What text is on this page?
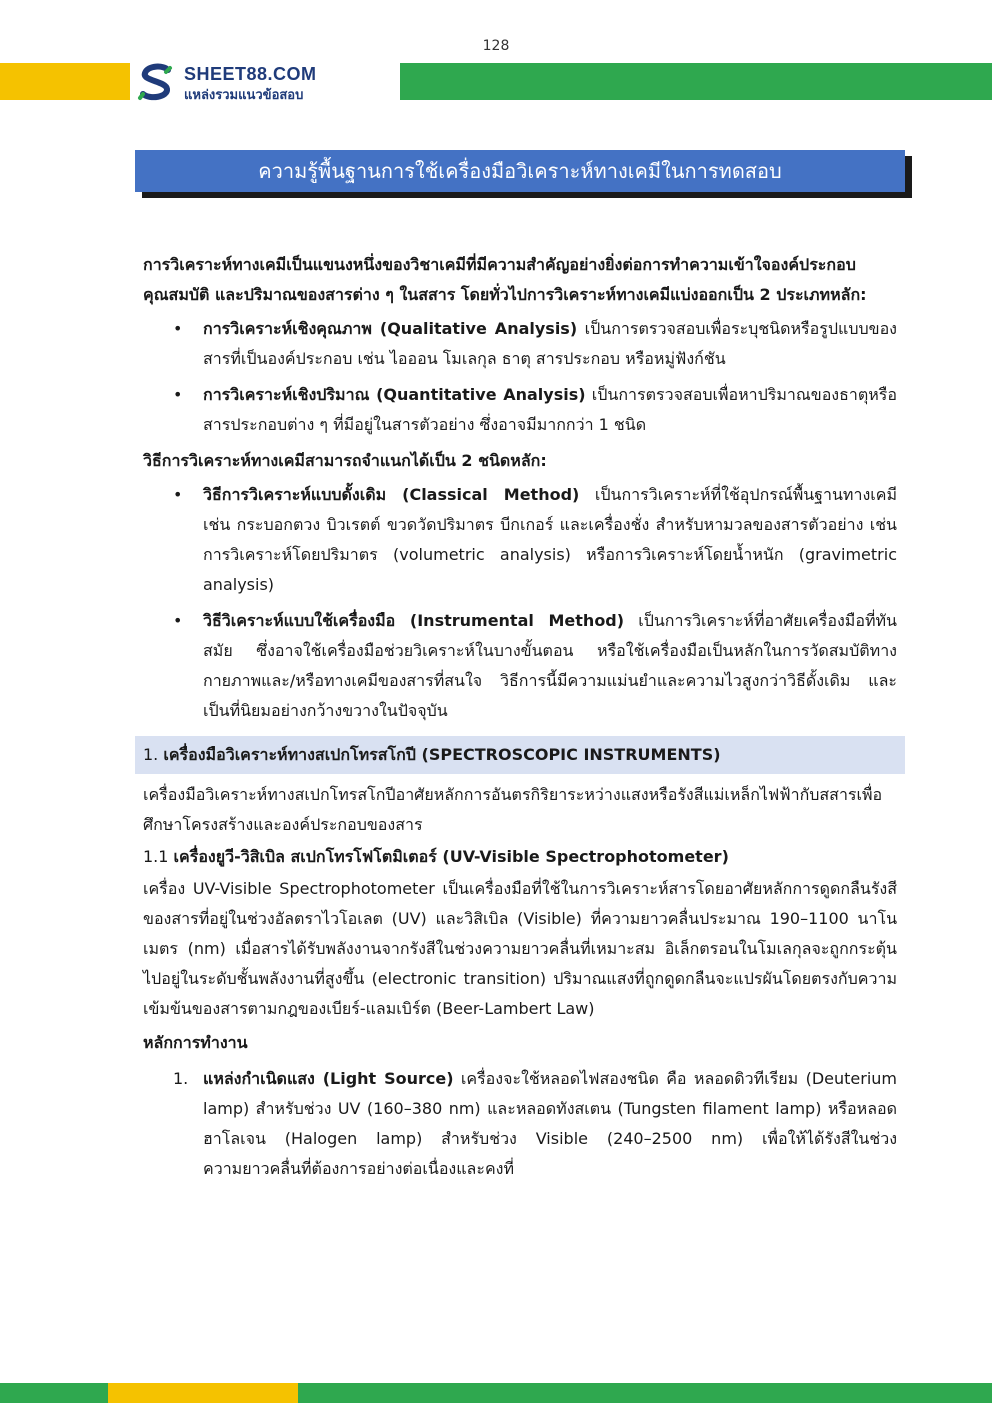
128
SHEET88.COM
แหล่งรวมแนวข้อสอบ
ความรู้พื้นฐานการใช้เครื่องมือวิเคราะห์ทางเคมีในการทดสอบ

การวิเคราะห์ทางเคมีเป็นแขนงหนึ่งของวิชาเคมีที่มีความสำคัญอย่างยิ่งต่อการทำความเข้าใจองค์ประกอบ คุณสมบัติ และปริมาณของสารต่าง ๆ ในสสาร โดยทั่วไปการวิเคราะห์ทางเคมีแบ่งออกเป็น 2 ประเภทหลัก:

• การวิเคราะห์เชิงคุณภาพ (Qualitative Analysis) เป็นการตรวจสอบเพื่อระบุชนิดหรือรูปแบบของสารที่เป็นองค์ประกอบ เช่น ไอออน โมเลกุล ธาตุ สารประกอบ หรือหมู่ฟังก์ชัน
• การวิเคราะห์เชิงปริมาณ (Quantitative Analysis) เป็นการตรวจสอบเพื่อหาปริมาณของธาตุหรือสารประกอบต่าง ๆ ที่มีอยู่ในสารตัวอย่าง ซึ่งอาจมีมากกว่า 1 ชนิด

วิธีการวิเคราะห์ทางเคมีสามารถจำแนกได้เป็น 2 ชนิดหลัก:

• วิธีการวิเคราะห์แบบดั้งเดิม (Classical Method) เป็นการวิเคราะห์ที่ใช้อุปกรณ์พื้นฐานทางเคมี เช่น กระบอกตวง บิวเรตต์ ขวดวัดปริมาตร บีกเกอร์ และเครื่องชั่ง สำหรับหามวลของสารตัวอย่าง เช่น การวิเคราะห์โดยปริมาตร (volumetric analysis) หรือการวิเคราะห์โดยน้ำหนัก (gravimetric analysis)
• วิธีวิเคราะห์แบบใช้เครื่องมือ (Instrumental Method) เป็นการวิเคราะห์ที่อาศัยเครื่องมือที่ทันสมัย ซึ่งอาจใช้เครื่องมือช่วยวิเคราะห์ในบางขั้นตอน หรือใช้เครื่องมือเป็นหลักในการวัดสมบัติทางกายภาพและ/หรือทางเคมีของสารที่สนใจ วิธีการนี้มีความแม่นยำและความไวสูงกว่าวิธีดั้งเดิม และเป็นที่นิยมอย่างกว้างขวางในปัจจุบัน
1. เครื่องมือวิเคราะห์ทางสเปกโทรสโกปี (SPECTROSCOPIC INSTRUMENTS)

เครื่องมือวิเคราะห์ทางสเปกโทรสโกปีอาศัยหลักการอันตรกิริยาระหว่างแสงหรือรังสีแม่เหล็กไฟฟ้ากับสสารเพื่อศึกษาโครงสร้างและองค์ประกอบของสาร

1.1 เครื่องยูวี-วิสิเบิล สเปกโทรโฟโตมิเตอร์ (UV-Visible Spectrophotometer)

เครื่อง UV-Visible Spectrophotometer เป็นเครื่องมือที่ใช้ในการวิเคราะห์สารโดยอาศัยหลักการดูดกลืนรังสีของสารที่อยู่ในช่วงอัลตราไวโอเลต (UV) และวิสิเบิล (Visible) ที่ความยาวคลื่นประมาณ 190–1100 นาโนเมตร (nm) เมื่อสารได้รับพลังงานจากรังสีในช่วงความยาวคลื่นที่เหมาะสม อิเล็กตรอนในโมเลกุลจะถูกกระตุ้นไปอยู่ในระดับชั้นพลังงานที่สูงขึ้น (electronic transition) ปริมาณแสงที่ถูกดูดกลืนจะแปรผันโดยตรงกับความเข้มข้นของสารตามกฎของเบียร์-แลมเบิร์ต (Beer-Lambert Law)

หลักการทำงาน

1. แหล่งกำเนิดแสง (Light Source) เครื่องจะใช้หลอดไฟสองชนิด คือ หลอดดิวทีเรียม (Deuterium lamp) สำหรับช่วง UV (160–380 nm) และหลอดทังสเตน (Tungsten filament lamp) หรือหลอดฮาโลเจน (Halogen lamp) สำหรับช่วง Visible (240–2500 nm) เพื่อให้ได้รังสีในช่วงความยาวคลื่นที่ต้องการอย่างต่อเนื่องและคงที่
